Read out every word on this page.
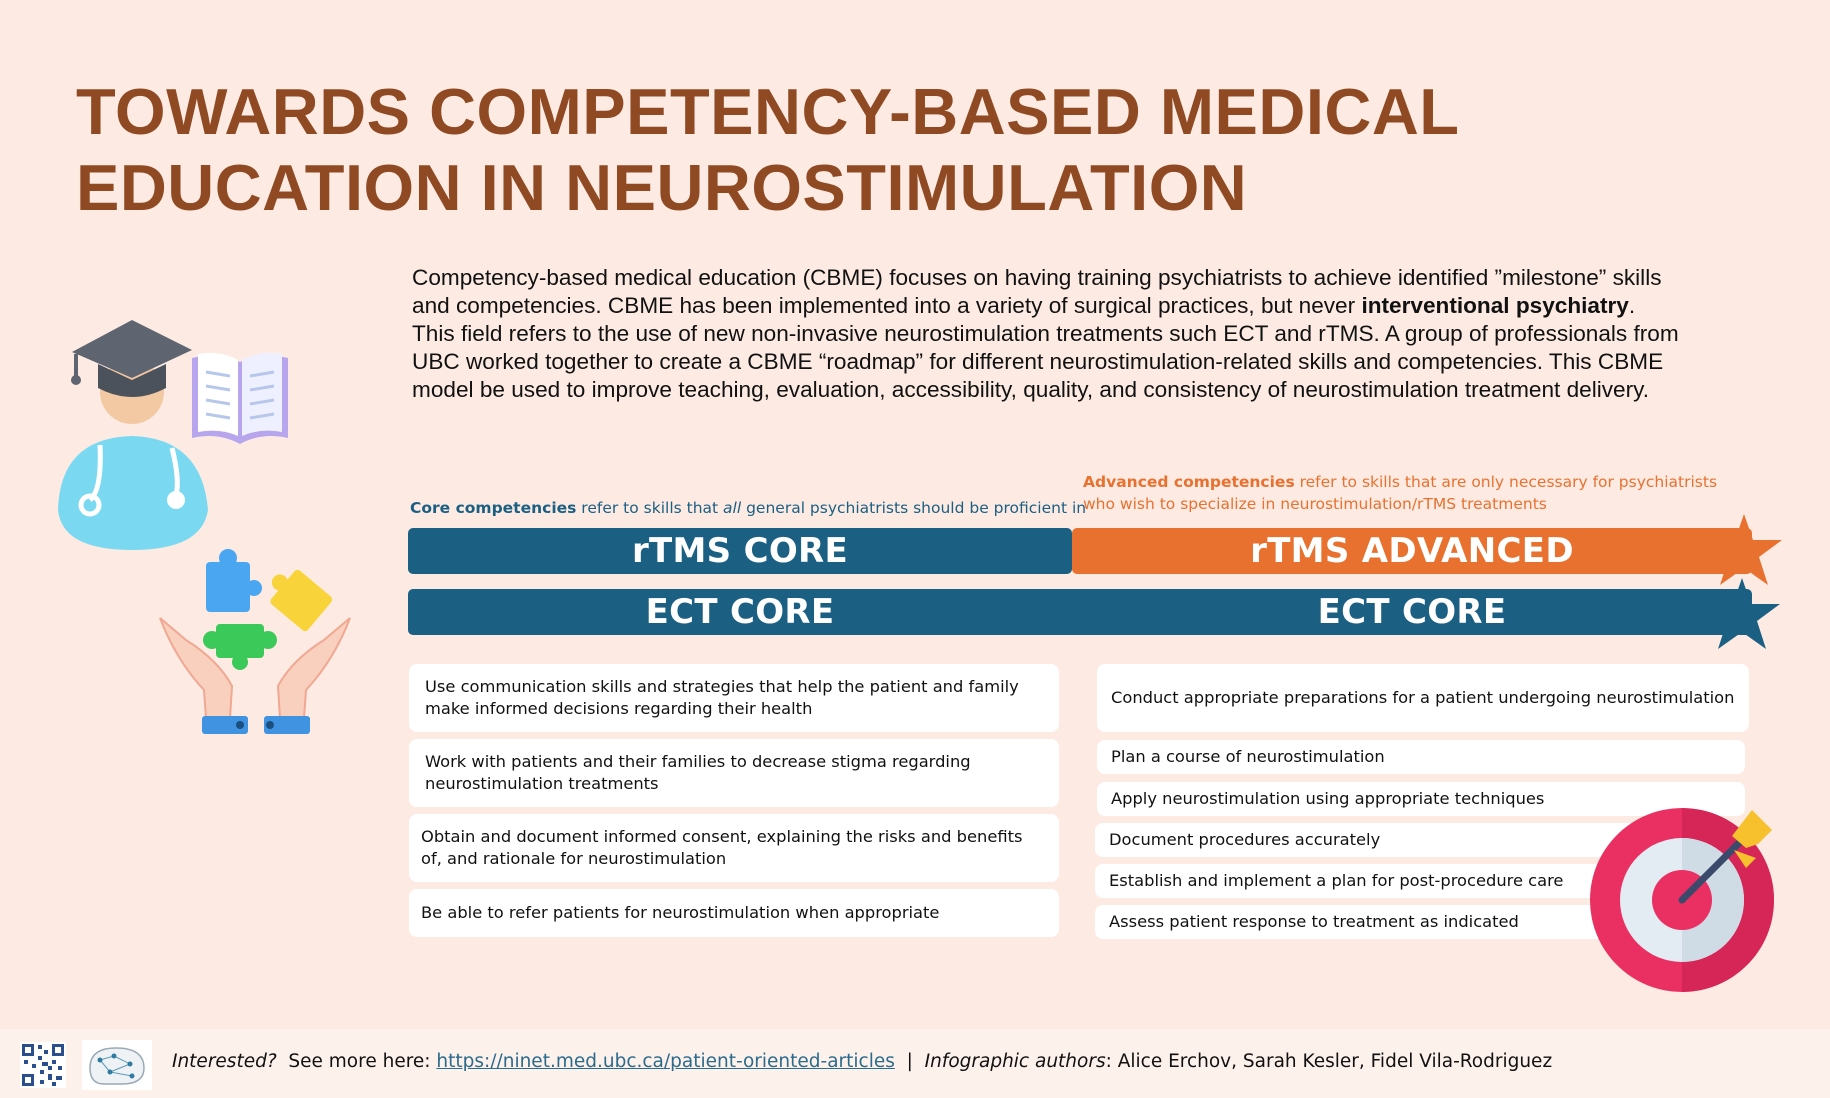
TOWARDS COMPETENCY-BASED MEDICAL
EDUCATION IN NEUROSTIMULATION

Competency-based medical education (CBME) focuses on having training psychiatrists to achieve identified ”milestone” skills and competencies. CBME has been implemented into a variety of surgical practices, but never interventional psychiatry. This field refers to the use of new non-invasive neurostimulation treatments such ECT and rTMS. A group of professionals from UBC worked together to create a CBME “roadmap” for different neurostimulation-related skills and competencies. This CBME model be used to improve teaching, evaluation, accessibility, quality, and consistency of neurostimulation treatment delivery.

Core competencies refer to skills that all general psychiatrists should be proficient in
Advanced competencies refer to skills that are only necessary for psychiatrists who wish to specialize in neurostimulation/rTMS treatments
rTMS CORE	rTMS ADVANCED
ECT CORE	ECT CORE
Use communication skills and strategies that help the patient and family make informed decisions regarding their health
Work with patients and their families to decrease stigma regarding neurostimulation treatments
Obtain and document informed consent, explaining the risks and benefits of, and rationale for neurostimulation
Be able to refer patients for neurostimulation when appropriate
Conduct appropriate preparations for a patient undergoing neurostimulation
Plan a course of neurostimulation
Apply neurostimulation using appropriate techniques
Document procedures accurately
Establish and implement a plan for post-procedure care
Assess patient response to treatment as indicated
Interested?  See more here: https://ninet.med.ubc.ca/patient-oriented-articles  |  Infographic authors: Alice Erchov, Sarah Kesler, Fidel Vila-Rodriguez
